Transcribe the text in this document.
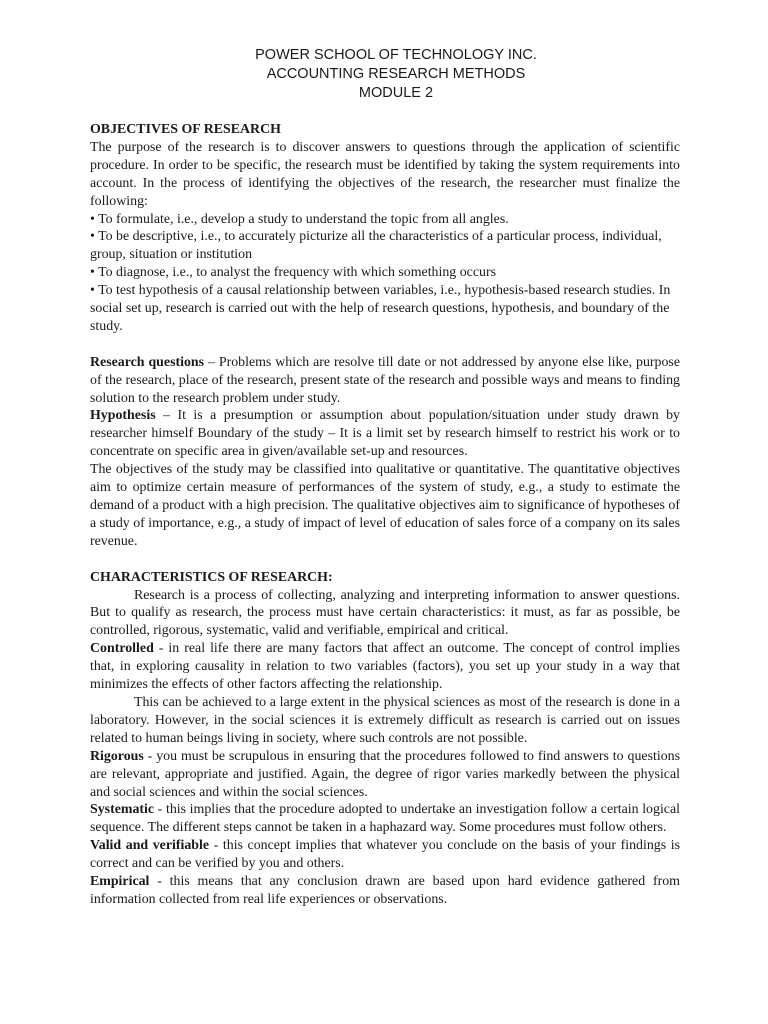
POWER SCHOOL OF TECHNOLOGY INC.
ACCOUNTING RESEARCH METHODS
MODULE 2

OBJECTIVES OF RESEARCH

The purpose of the research is to discover answers to questions through the application of scientific procedure. In order to be specific, the research must be identified by taking the system requirements into account. In the process of identifying the objectives of the research, the researcher must finalize the following:

• To formulate, i.e., develop a study to understand the topic from all angles.

• To be descriptive, i.e., to accurately picturize all the characteristics of a particular process, individual, group, situation or institution

• To diagnose, i.e., to analyst the frequency with which something occurs

• To test hypothesis of a causal relationship between variables, i.e., hypothesis-based research studies. In social set up, research is carried out with the help of research questions, hypothesis, and boundary of the study.

Research questions – Problems which are resolve till date or not addressed by anyone else like, purpose of the research, place of the research, present state of the research and possible ways and means to finding solution to the research problem under study.

Hypothesis – It is a presumption or assumption about population/situation under study drawn by researcher himself Boundary of the study – It is a limit set by research himself to restrict his work or to concentrate on specific area in given/available set-up and resources.

The objectives of the study may be classified into qualitative or quantitative. The quantitative objectives aim to optimize certain measure of performances of the system of study, e.g., a study to estimate the demand of a product with a high precision. The qualitative objectives aim to significance of hypotheses of a study of importance, e.g., a study of impact of level of education of sales force of a company on its sales revenue.

CHARACTERISTICS OF RESEARCH:

Research is a process of collecting, analyzing and interpreting information to answer questions. But to qualify as research, the process must have certain characteristics: it must, as far as possible, be controlled, rigorous, systematic, valid and verifiable, empirical and critical.

Controlled - in real life there are many factors that affect an outcome. The concept of control implies that, in exploring causality in relation to two variables (factors), you set up your study in a way that minimizes the effects of other factors affecting the relationship.

This can be achieved to a large extent in the physical sciences as most of the research is done in a laboratory. However, in the social sciences it is extremely difficult as research is carried out on issues related to human beings living in society, where such controls are not possible.

Rigorous - you must be scrupulous in ensuring that the procedures followed to find answers to questions are relevant, appropriate and justified. Again, the degree of rigor varies markedly between the physical and social sciences and within the social sciences.

Systematic - this implies that the procedure adopted to undertake an investigation follow a certain logical sequence. The different steps cannot be taken in a haphazard way. Some procedures must follow others.

Valid and verifiable - this concept implies that whatever you conclude on the basis of your findings is correct and can be verified by you and others.

Empirical - this means that any conclusion drawn are based upon hard evidence gathered from information collected from real life experiences or observations.
